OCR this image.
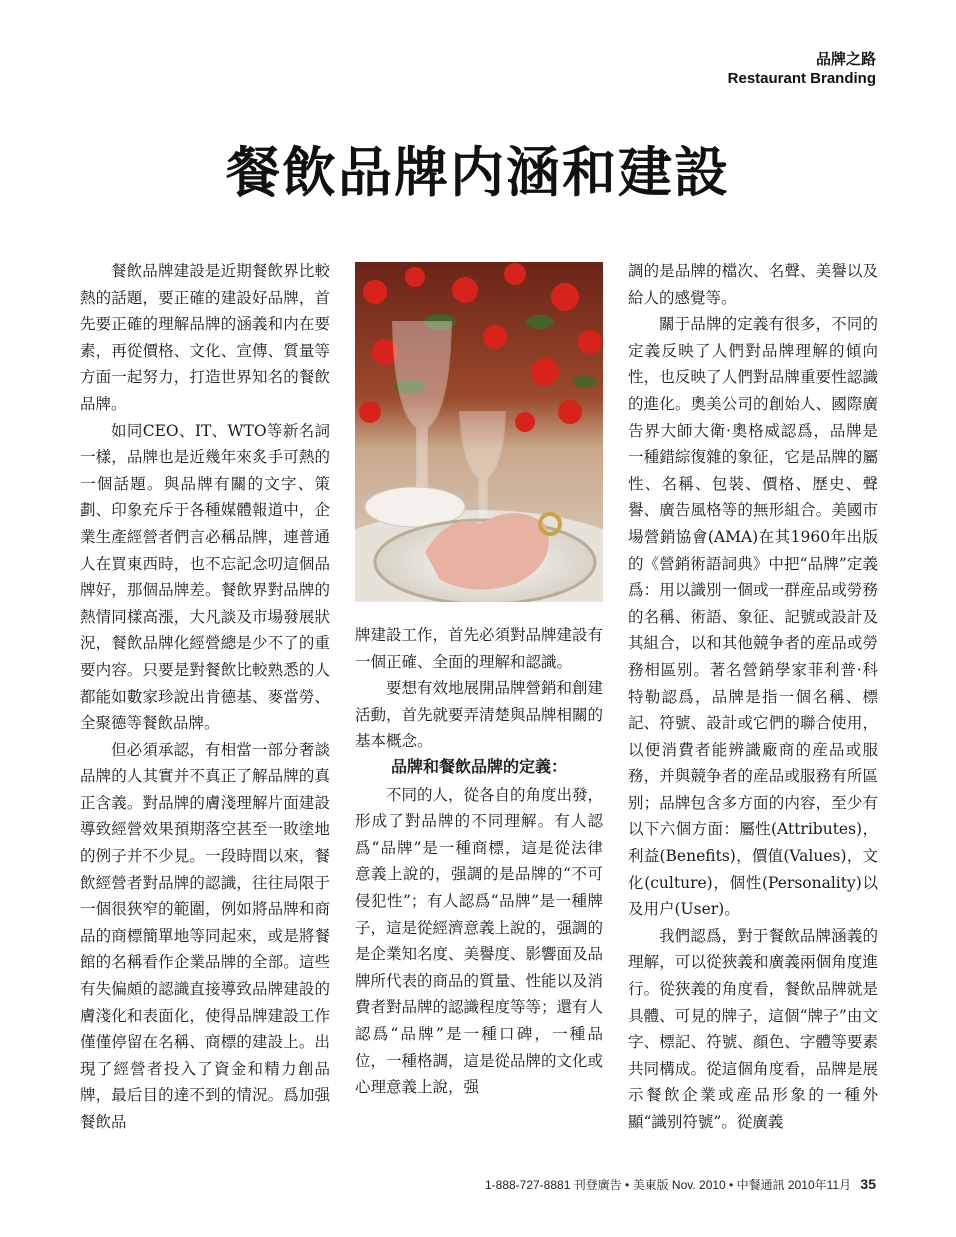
品牌之路
Restaurant Branding
餐飲品牌内涵和建設

餐飲品牌建設是近期餐飲界比較熱的話題，要正確的建設好品牌，首先要正確的理解品牌的涵義和内在要素，再從價格、文化、宣傳、質量等方面一起努力，打造世界知名的餐飲品牌。

如同CEO、IT、WTO等新名詞一樣，品牌也是近幾年來炙手可熱的一個話題。與品牌有關的文字、策劃、印象充斥于各種媒體報道中，企業生產經營者們言必稱品牌，連普通人在買東西時，也不忘記念叨這個品牌好，那個品牌差。餐飲界對品牌的熱情同樣高漲，大凡談及市場發展狀況，餐飲品牌化經營總是少不了的重要内容。只要是對餐飲比較熟悉的人都能如數家珍說出肯德基、麥當勞、全聚德等餐飲品牌。

但必須承認，有相當一部分奢談品牌的人其實并不真正了解品牌的真正含義。對品牌的膚淺理解片面建設導致經營效果預期落空甚至一敗塗地的例子并不少見。一段時間以來，餐飲經營者對品牌的認識，往往局限于一個很狹窄的範圍，例如將品牌和商品的商標簡單地等同起來，或是將餐館的名稱看作企業品牌的全部。這些有失偏頗的認識直接導致品牌建設的膚淺化和表面化，使得品牌建設工作僅僅停留在名稱、商標的建設上。出現了經營者投入了資金和精力創品牌，最后目的達不到的情況。爲加强餐飲品

牌建設工作，首先必須對品牌建設有一個正確、全面的理解和認識。

要想有效地展開品牌營銷和創建活動，首先就要弄清楚與品牌相關的基本概念。

品牌和餐飲品牌的定義：

不同的人，從各自的角度出發，形成了對品牌的不同理解。有人認爲“品牌”是一種商標，這是從法律意義上說的，强調的是品牌的“不可侵犯性”；有人認爲“品牌”是一種牌子，這是從經濟意義上說的，强調的是企業知名度、美譽度、影響面及品牌所代表的商品的質量、性能以及消費者對品牌的認識程度等等；還有人認爲“品牌”是一種口碑，一種品位，一種格調，這是從品牌的文化或心理意義上說，强

調的是品牌的檔次、名聲、美譽以及給人的感覺等。

關于品牌的定義有很多，不同的定義反映了人們對品牌理解的傾向性，也反映了人們對品牌重要性認識的進化。奧美公司的創始人、國際廣告界大師大衛·奧格威認爲，品牌是一種錯綜復雜的象征，它是品牌的屬性、名稱、包裝、價格、歷史、聲譽、廣告風格等的無形組合。美國市場營銷協會(AMA)在其1960年出版的《營銷術語詞典》中把“品牌”定義爲：用以識別一個或一群産品或勞務的名稱、術語、象征、記號或設計及其組合，以和其他競争者的産品或勞務相區别。著名營銷學家菲利普·科特勒認爲，品牌是指一個名稱、標記、符號、設計或它們的聯合使用，以便消費者能辨識廠商的産品或服務，并與競争者的産品或服務有所區别；品牌包含多方面的内容，至少有以下六個方面：屬性(Attributes)，利益(Benefits)，價值(Values)，文化(culture)，個性(Personality)以及用户(User)。

我們認爲，對于餐飲品牌涵義的理解，可以從狹義和廣義兩個角度進行。從狹義的角度看，餐飲品牌就是具體、可見的牌子，這個“牌子”由文字、標記、符號、顔色、字體等要素共同構成。從這個角度看，品牌是展示餐飲企業或産品形象的一種外顯“識别符號”。從廣義

1-888-727-8881 刊登廣告 • 美東版 Nov. 2010 • 中餐通訊 2010年11月 35
